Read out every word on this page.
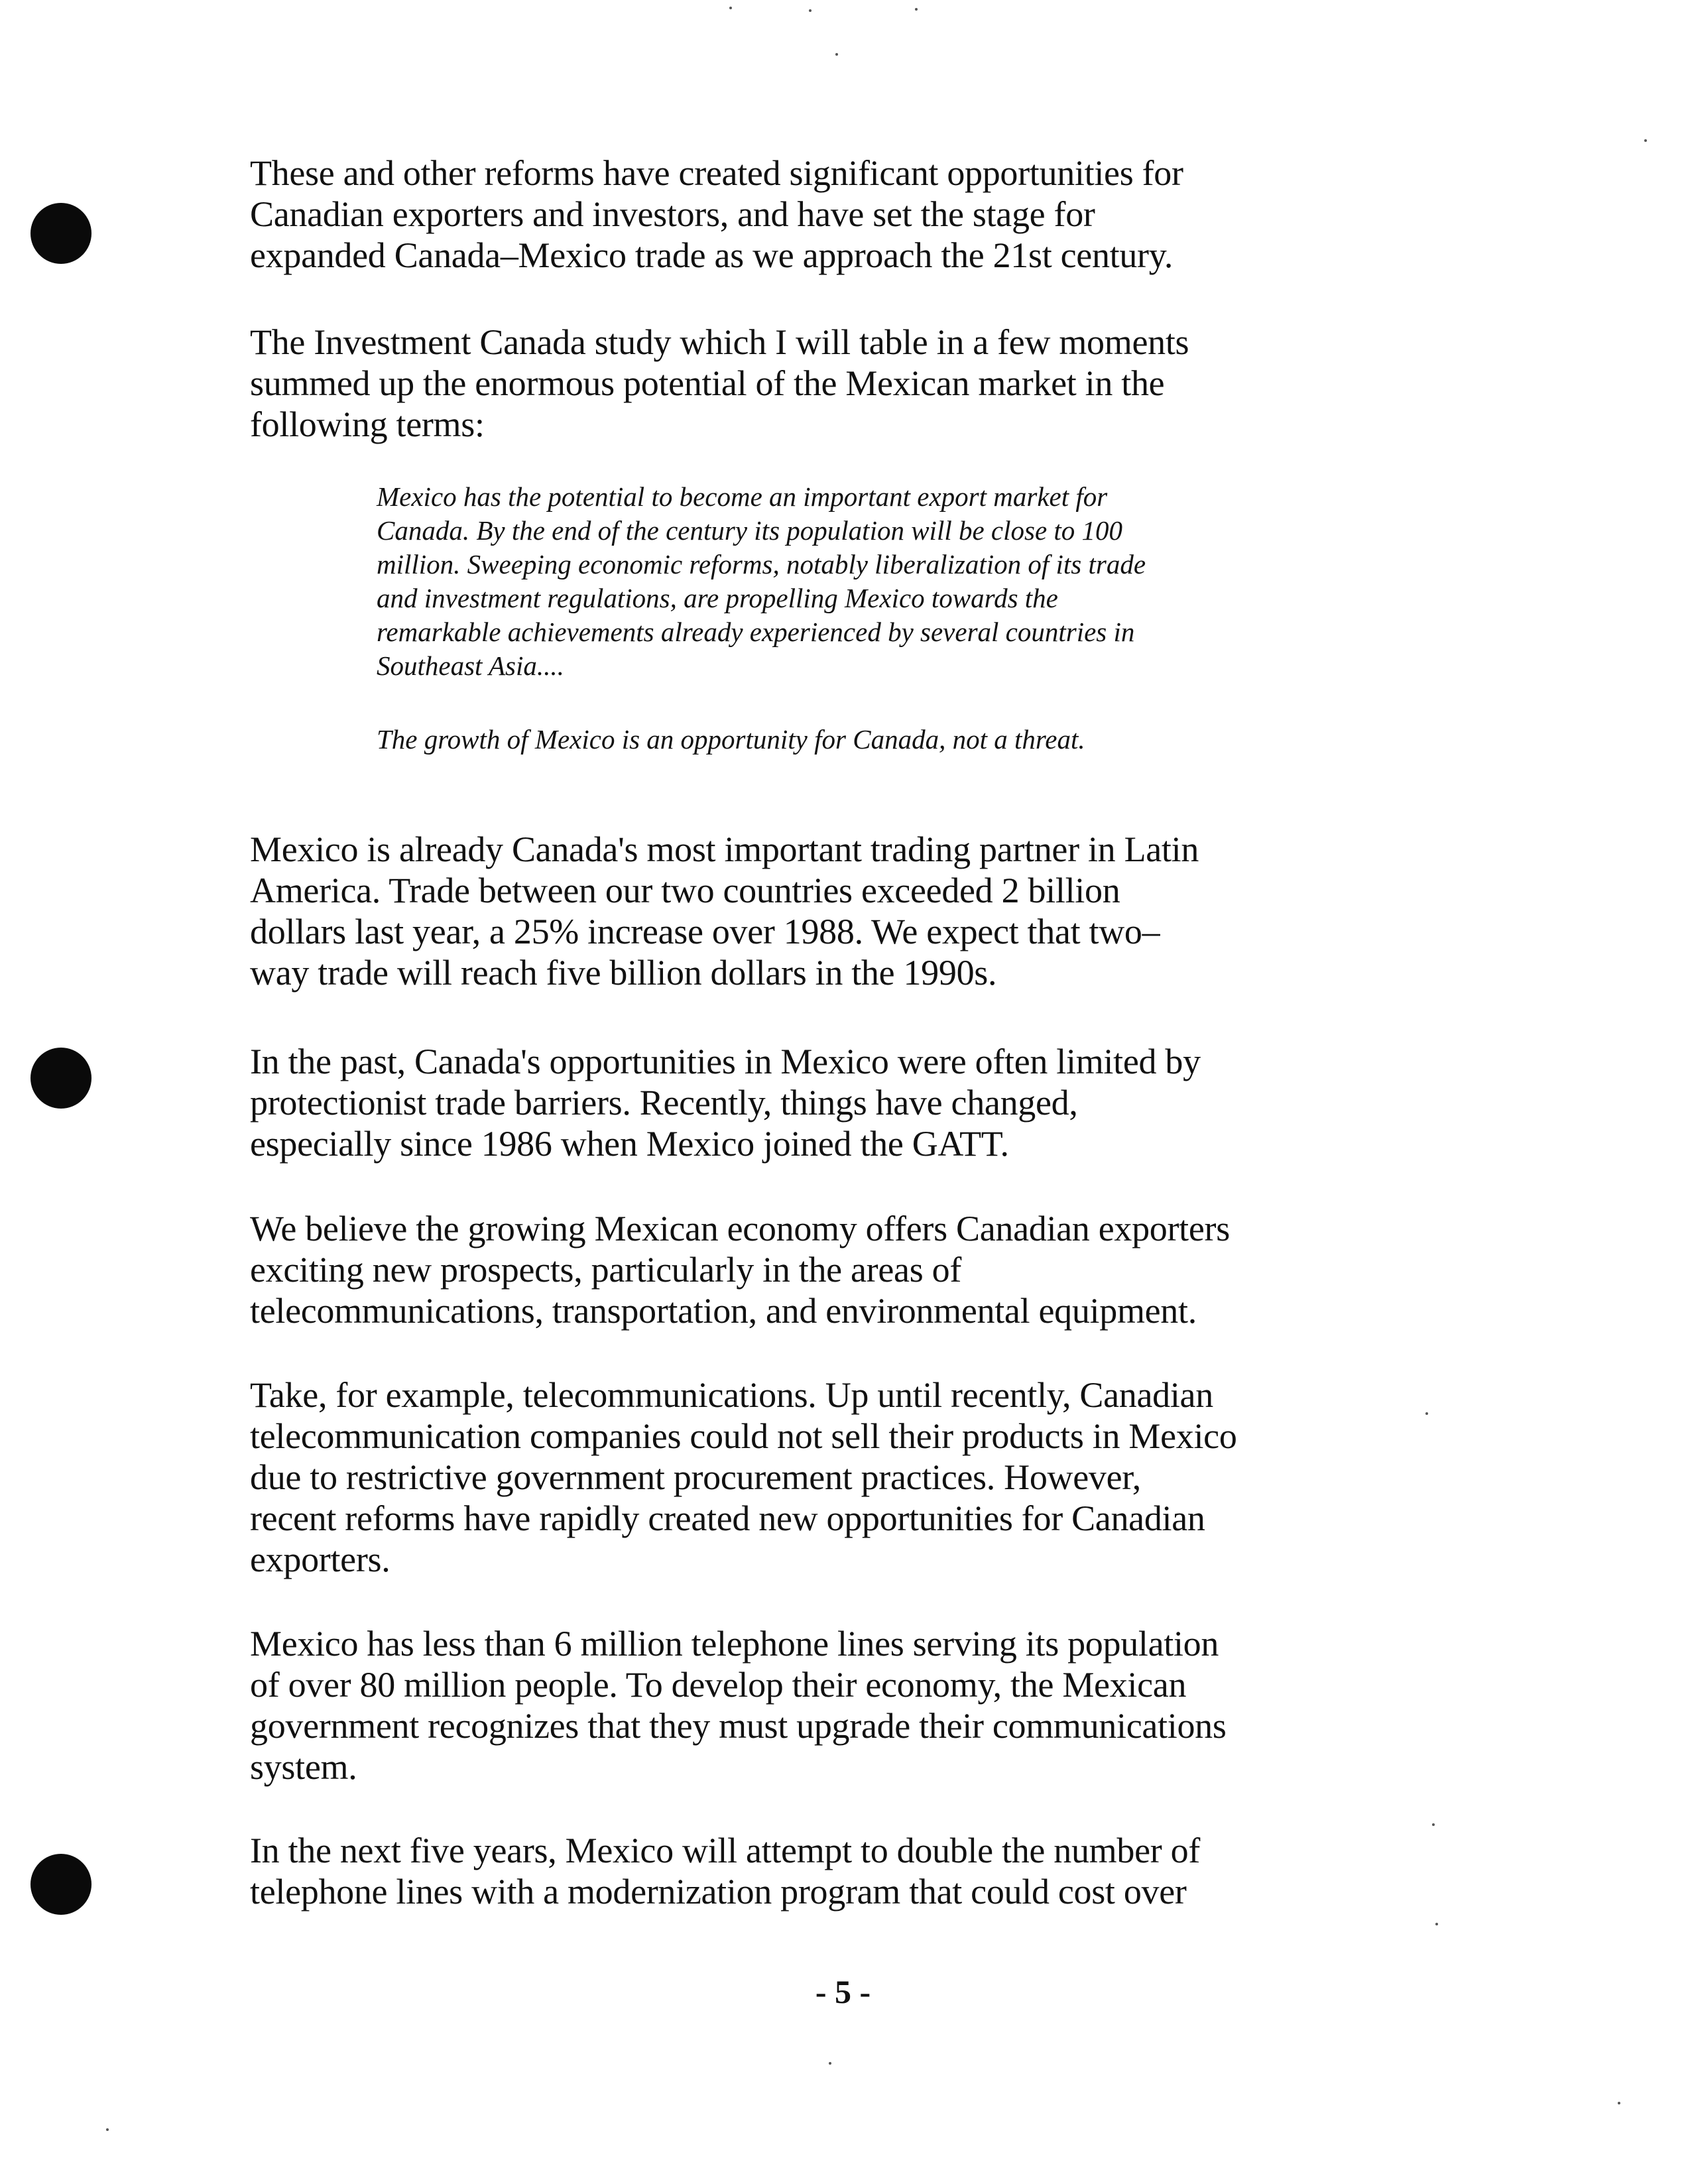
These and other reforms have created significant opportunities for
Canadian exporters and investors, and have set the stage for
expanded Canada–Mexico trade as we approach the 21st century.

The Investment Canada study which I will table in a few moments
summed up the enormous potential of the Mexican market in the
following terms:

Mexico has the potential to become an important export market for
Canada. By the end of the century its population will be close to 100
million. Sweeping economic reforms, notably liberalization of its trade
and investment regulations, are propelling Mexico towards the
remarkable achievements already experienced by several countries in
Southeast Asia....

The growth of Mexico is an opportunity for Canada, not a threat.

Mexico is already Canada's most important trading partner in Latin
America. Trade between our two countries exceeded 2 billion
dollars last year, a 25% increase over 1988. We expect that two–
way trade will reach five billion dollars in the 1990s.

In the past, Canada's opportunities in Mexico were often limited by
protectionist trade barriers. Recently, things have changed,
especially since 1986 when Mexico joined the GATT.

We believe the growing Mexican economy offers Canadian exporters
exciting new prospects, particularly in the areas of
telecommunications, transportation, and environmental equipment.

Take, for example, telecommunications. Up until recently, Canadian
telecommunication companies could not sell their products in Mexico
due to restrictive government procurement practices. However,
recent reforms have rapidly created new opportunities for Canadian
exporters.

Mexico has less than 6 million telephone lines serving its population
of over 80 million people. To develop their economy, the Mexican
government recognizes that they must upgrade their communications
system.

In the next five years, Mexico will attempt to double the number of
telephone lines with a modernization program that could cost over

- 5 -
